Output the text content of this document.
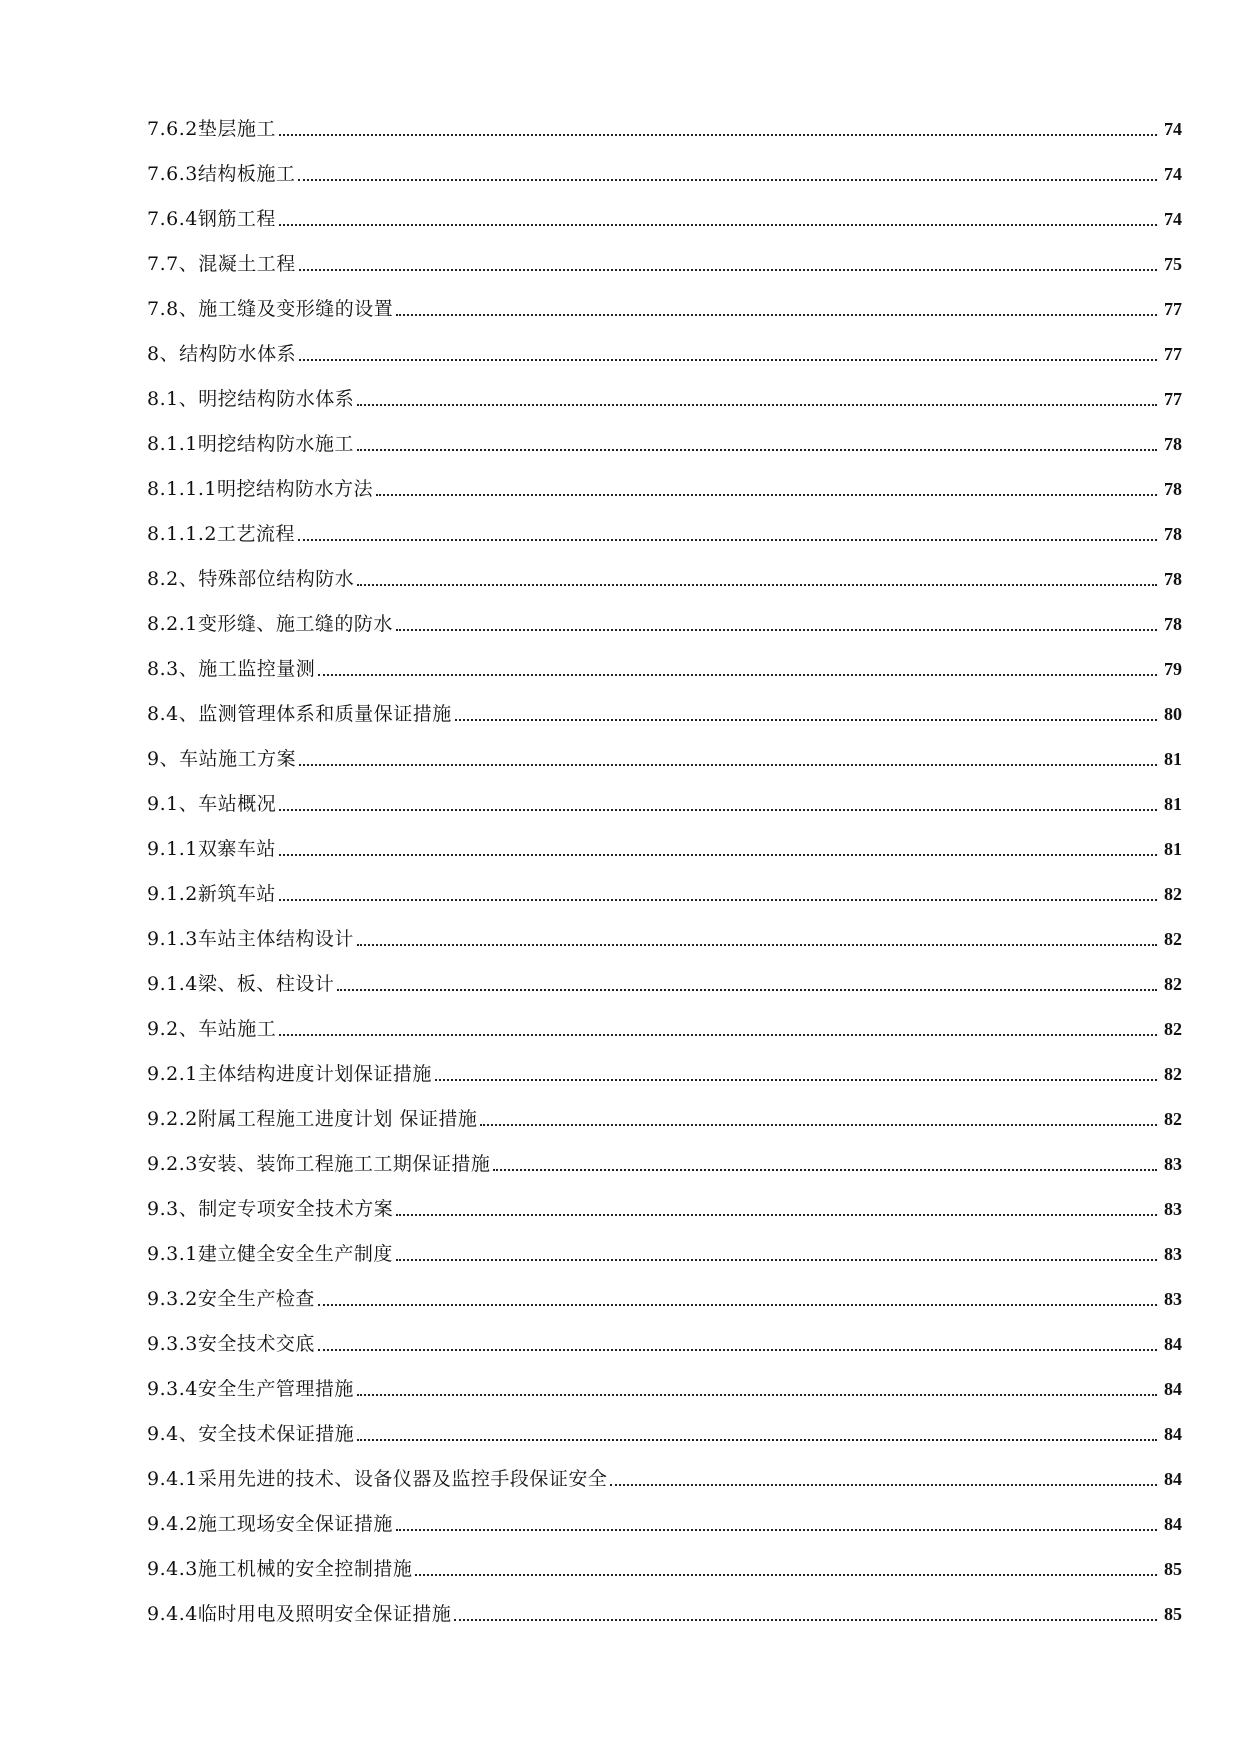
7.6.2垫层施工	74
7.6.3结构板施工	74
7.6.4钢筋工程	74
7.7、混凝土工程	75
7.8、施工缝及变形缝的设置	77
8、结构防水体系	77
8.1、明挖结构防水体系	77
8.1.1明挖结构防水施工	78
8.1.1.1明挖结构防水方法	78
8.1.1.2工艺流程	78
8.2、特殊部位结构防水	78
8.2.1变形缝、施工缝的防水	78
8.3、施工监控量测	79
8.4、监测管理体系和质量保证措施	80
9、车站施工方案	81
9.1、车站概况	81
9.1.1双寨车站	81
9.1.2新筑车站	82
9.1.3车站主体结构设计	82
9.1.4梁、板、柱设计	82
9.2、车站施工	82
9.2.1主体结构进度计划保证措施	82
9.2.2附属工程施工进度计划 保证措施	82
9.2.3安装、装饰工程施工工期保证措施	83
9.3、制定专项安全技术方案	83
9.3.1建立健全安全生产制度	83
9.3.2安全生产检查	83
9.3.3安全技术交底	84
9.3.4安全生产管理措施	84
9.4、安全技术保证措施	84
9.4.1采用先进的技术、设备仪器及监控手段保证安全	84
9.4.2施工现场安全保证措施	84
9.4.3施工机械的安全控制措施	85
9.4.4临时用电及照明安全保证措施	85
